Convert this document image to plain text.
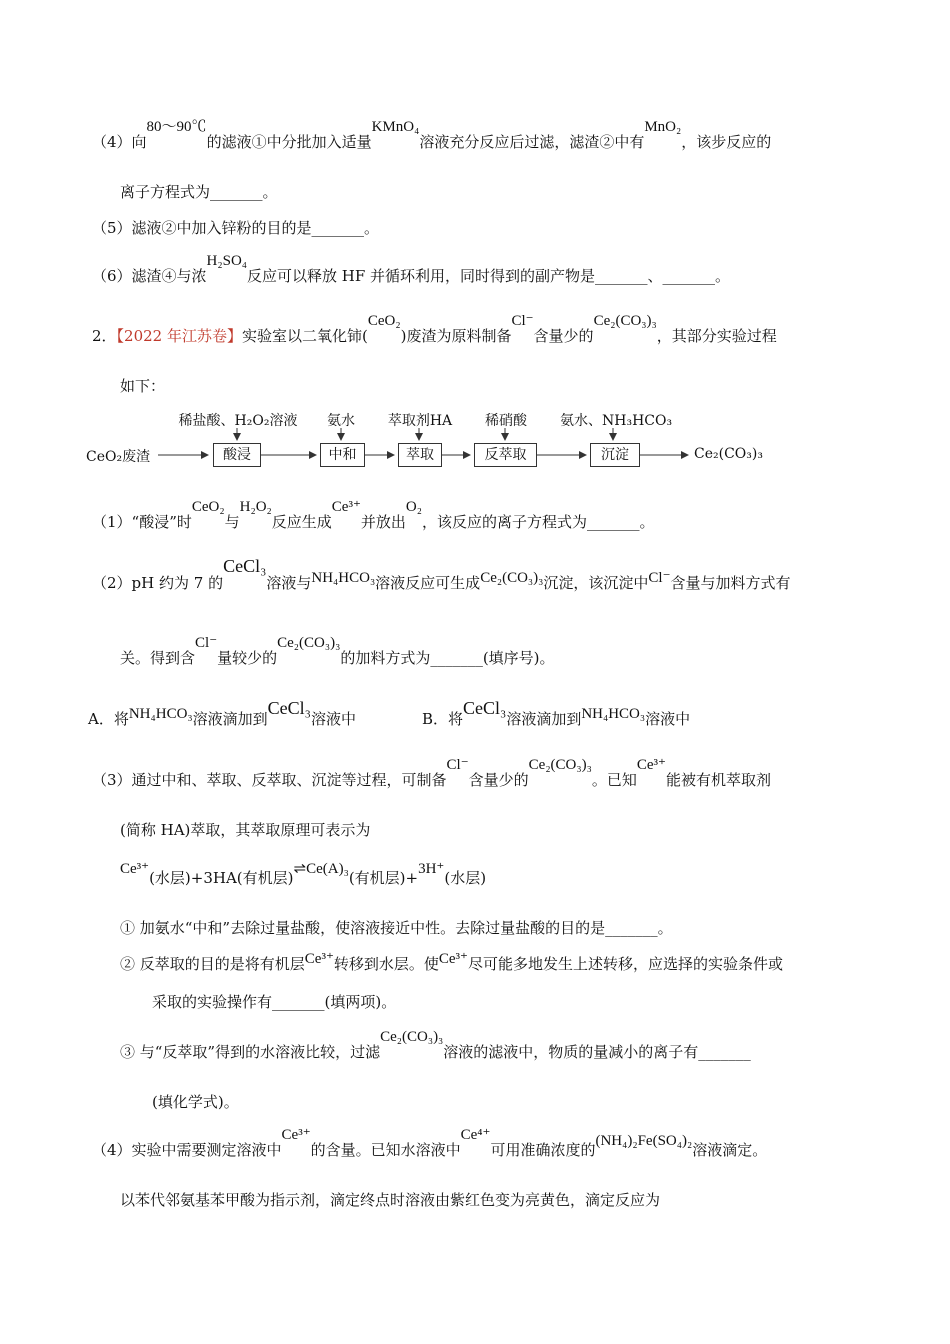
（4）向80～90℃的滤液①中分批加入适量KMnO₄溶液充分反应后过滤，滤渣②中有MnO₂，该步反应的
离子方程式为_______。
（5）滤液②中加入锌粉的目的是_______。
（6）滤渣④与浓H₂SO₄反应可以释放 HF 并循环利用，同时得到的副产物是_______、_______。
2．【2022 年江苏卷】实验室以二氧化铈(CeO₂)废渣为原料制备Cl⁻含量少的Ce₂(CO₃)₃，其部分实验过程
如下：
CeO₂废渣
稀盐酸、H₂O₂溶液	氨水	萃取剂HA	稀硝酸	氨水、NH₃HCO₃
酸浸	中和	萃取	反萃取	沉淀	Ce₂(CO₃)₃
（1）“酸浸”时CeO₂与H₂O₂反应生成Ce³⁺并放出O₂，该反应的离子方程式为_______。
（2）pH 约为 7 的CeCl₃溶液与NH₄HCO₃溶液反应可生成Ce₂(CO₃)₃沉淀，该沉淀中Cl⁻含量与加料方式有
关。得到含Cl⁻量较少的Ce₂(CO₃)₃的加料方式为_______(填序号)。
A．将NH₄HCO₃溶液滴加到CeCl₃溶液中	B．将CeCl₃溶液滴加到NH₄HCO₃溶液中
（3）通过中和、萃取、反萃取、沉淀等过程，可制备Cl⁻含量少的Ce₂(CO₃)₃。已知Ce³⁺能被有机萃取剂
(简称 HA)萃取，其萃取原理可表示为
Ce³⁺(水层)+3HA(有机层)⇌Ce(A)₃(有机层)+3H⁺(水层)
① 加氨水“中和”去除过量盐酸，使溶液接近中性。去除过量盐酸的目的是_______。
② 反萃取的目的是将有机层Ce³⁺转移到水层。使Ce³⁺尽可能多地发生上述转移，应选择的实验条件或
采取的实验操作有_______(填两项)。
③ 与“反萃取”得到的水溶液比较，过滤Ce₂(CO₃)₃溶液的滤液中，物质的量减小的离子有_______
(填化学式)。
（4）实验中需要测定溶液中Ce³⁺的含量。已知水溶液中Ce⁴⁺可用准确浓度的(NH₄)₂Fe(SO₄)₂溶液滴定。
以苯代邻氨基苯甲酸为指示剂，滴定终点时溶液由紫红色变为亮黄色，滴定反应为
